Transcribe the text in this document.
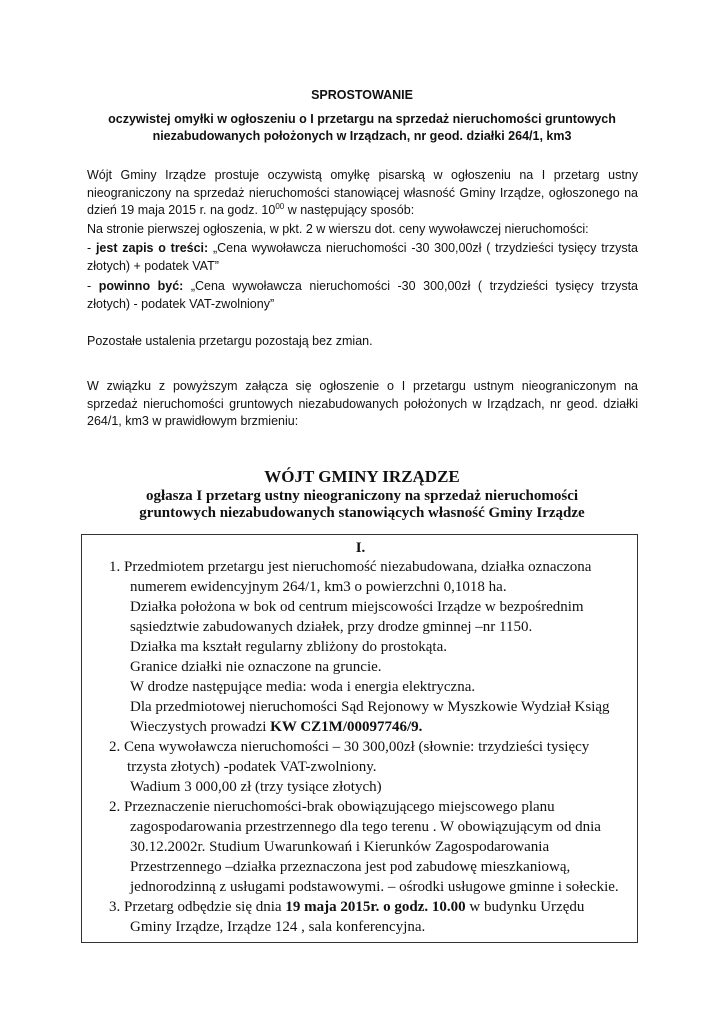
SPROSTOWANIE
oczywistej omyłki w ogłoszeniu o I przetargu na sprzedaż nieruchomości gruntowych
niezabudowanych położonych w Irządzach, nr geod. działki 264/1, km3

Wójt Gminy Irządze prostuje oczywistą omyłkę pisarską w ogłoszeniu na I przetarg ustny nieograniczony na sprzedaż nieruchomości stanowiącej własność Gminy Irządze, ogłoszonego na dzień 19 maja 2015 r. na godz. $10^{00}$ w następujący sposób:

Na stronie pierwszej ogłoszenia, w pkt. 2 w wierszu dot. ceny wywoławczej nieruchomości:

- jest zapis o treści: „Cena wywoławcza nieruchomości -30 300,00zł ( trzydzieści tysięcy trzysta złotych) + podatek VAT”

- powinno być: „Cena wywoławcza nieruchomości -30 300,00zł ( trzydzieści tysięcy trzysta złotych) - podatek VAT-zwolniony”

Pozostałe ustalenia przetargu pozostają bez zmian.

W związku z powyższym załącza się ogłoszenie o I przetargu ustnym nieograniczonym na sprzedaż nieruchomości gruntowych niezabudowanych położonych w Irządzach, nr geod. działki 264/1, km3 w prawidłowym brzmieniu:

WÓJT GMINY IRZĄDZE
ogłasza I przetarg ustny nieograniczony na sprzedaż nieruchomości
gruntowych niezabudowanych stanowiących własność Gminy Irządze
I.
1. Przedmiotem przetargu jest nieruchomość niezabudowana, działka oznaczona
numerem ewidencyjnym 264/1, km3 o powierzchni 0,1018 ha.
Działka położona w bok od centrum miejscowości Irządze w bezpośrednim
sąsiedztwie zabudowanych działek, przy drodze gminnej –nr 1150.
Działka ma kształt regularny zbliżony do prostokąta.
Granice działki nie oznaczone na gruncie.
W drodze następujące media: woda i energia elektryczna.
Dla przedmiotowej nieruchomości Sąd Rejonowy w Myszkowie Wydział Ksiąg
Wieczystych prowadzi KW CZ1M/00097746/9.
2. Cena wywoławcza nieruchomości – 30 300,00zł (słownie: trzydzieści tysięcy
trzysta złotych) -podatek VAT-zwolniony.
Wadium 3 000,00 zł (trzy tysiące złotych)
2. Przeznaczenie nieruchomości-brak obowiązującego miejscowego planu
zagospodarowania przestrzennego dla tego terenu . W obowiązującym od dnia
30.12.2002r. Studium Uwarunkowań i Kierunków Zagospodarowania
Przestrzennego –działka przeznaczona jest pod zabudowę mieszkaniową,
jednorodzinną z usługami podstawowymi. – ośrodki usługowe gminne i sołeckie.
3. Przetarg odbędzie się dnia 19 maja 2015r. o godz. 10.00 w budynku Urzędu
Gminy Irządze, Irządze 124 , sala konferencyjna.
